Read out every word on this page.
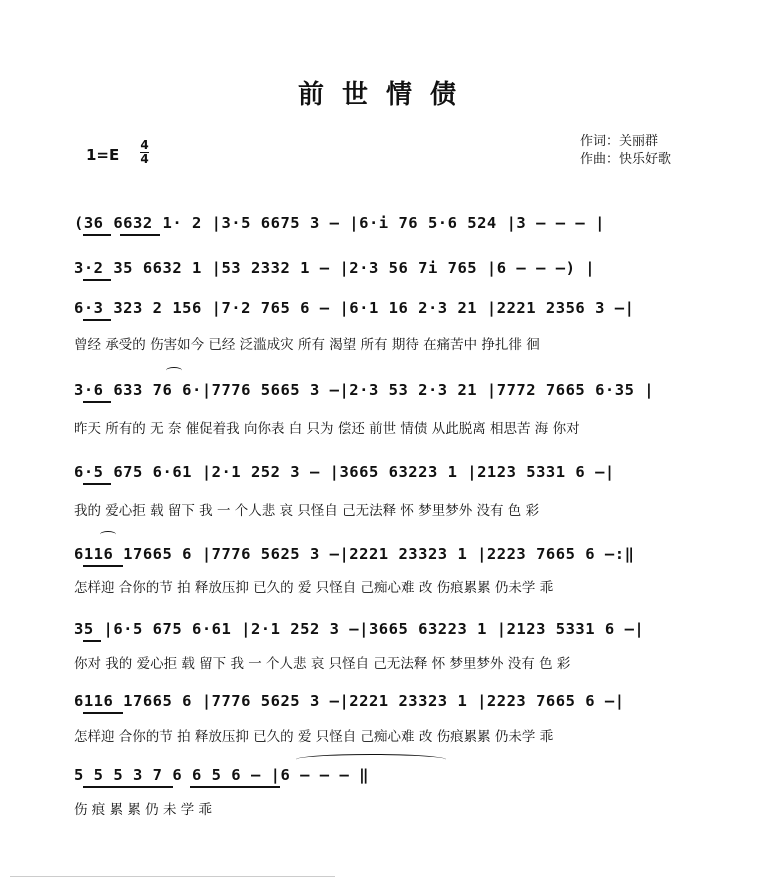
前世情债
1=E
4
4
作词：关丽群
作曲：快乐好歌
(36 6632 1· 2 |3·5 6675 3 – |6·i 76 5·6 524 |3 – – – |
3·2 35 6632 1 |53 2332 1 – |2·3 56 7i 765 |6 – – –) |
6·3 323 2 156 |7·2 765 6 – |6·1 16 2·3 21 |2221 2356 3 –|
曾经 承受的 伤害如今 已经 泛滥成灾 所有 渴望 所有 期待 在痛苦中 挣扎徘 徊
3·6 633 76 6·|7776 5665 3 –|2·3 53 2·3 21 |7772 7665 6·35 |
昨天 所有的 无 奈 催促着我 向你表 白 只为 偿还 前世 情债 从此脱离 相思苦 海 你对
6·5 675 6·61 |2·1 252 3 – |3665 63223 1 |2123 5331 6 –|
我的 爱心拒 载 留下 我 一 个人悲 哀 只怪自 己无法释 怀 梦里梦外 没有 色 彩
6116 17665 6 |7776 5625 3 –|2221 23323 1 |2223 7665 6 –:‖
怎样迎 合你的节 拍 释放压抑 已久的 爱 只怪自 己痴心难 改 伤痕累累 仍未学 乖
35 |6·5 675 6·61 |2·1 252 3 –|3665 63223 1 |2123 5331 6 –|
你对 我的 爱心拒 载 留下 我 一 个人悲 哀 只怪自 己无法释 怀 梦里梦外 没有 色 彩
6116 17665 6 |7776 5625 3 –|2221 23323 1 |2223 7665 6 –|
怎样迎 合你的节 拍 释放压抑 已久的 爱 只怪自 己痴心难 改 伤痕累累 仍未学 乖
5 5 5 3 7 6 6 5 6 – |6 – – – ‖
伤 痕 累 累 仍 未 学 乖
